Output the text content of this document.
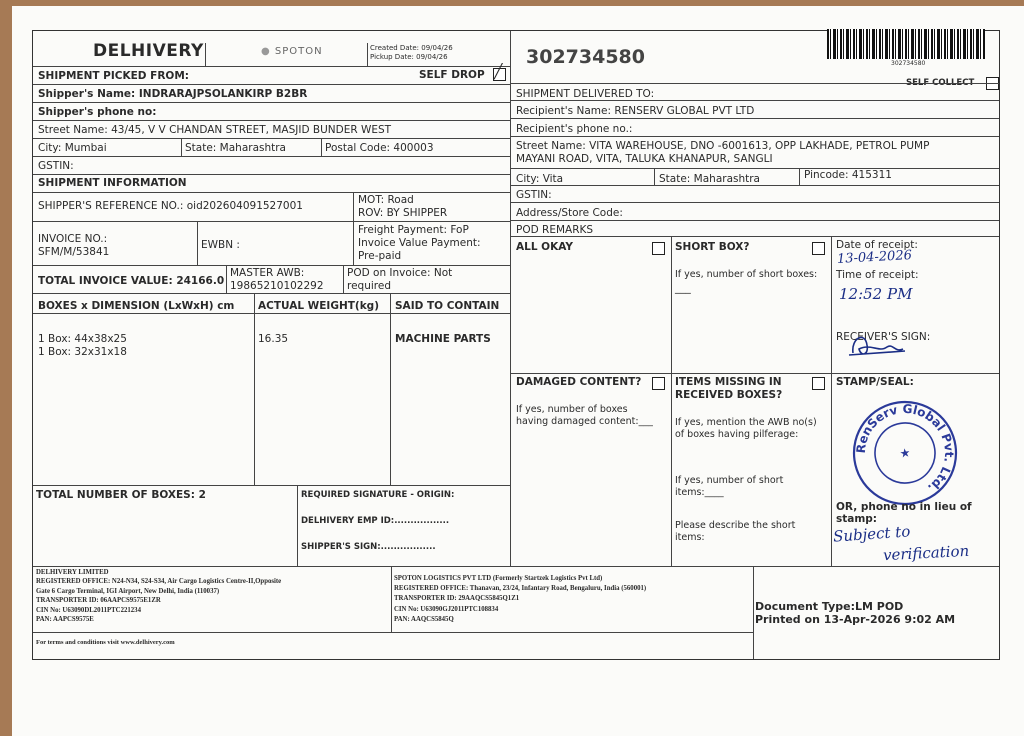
DELHIVERY	● SPOTON	Created Date: 09/04/26
Pickup Date: 09/04/26
SHIPMENT PICKED FROM:	SELF DROP ╱
Shipper's Name: INDRARAJPSOLANKIRP B2BR
Shipper's phone no:
Street Name: 43/45, V V CHANDAN STREET, MASJID BUNDER WEST
City: Mumbai	State: Maharashtra	Postal Code: 400003
GSTIN:
SHIPMENT INFORMATION
SHIPPER'S REFERENCE NO.: oid202604091527001	MOT: Road
ROV: BY SHIPPER
INVOICE NO.:
SFM/M/53841
EWBN :
Freight Payment: FoP
Invoice Value Payment:
Pre-paid
TOTAL INVOICE VALUE: 24166.0
MASTER AWB:
19865210102292
POD on Invoice: Not
required
BOXES x DIMENSION (LxWxH) cm ACTUAL WEIGHT(kg) SAID TO CONTAIN
1 Box: 44x38x25
1 Box: 32x31x18
16.35	MACHINE PARTS
TOTAL NUMBER OF BOXES: 2	REQUIRED SIGNATURE - ORIGIN:
DELHIVERY EMP ID:.................
SHIPPER'S SIGN:.................
302734580	302734580
SELF COLLECT
SHIPMENT DELIVERED TO:
Recipient's Name: RENSERV GLOBAL PVT LTD
Recipient's phone no.:
Street Name: VITA WAREHOUSE, DNO -6001613, OPP LAKHADE, PETROL PUMP
MAYANI ROAD, VITA, TALUKA KHANAPUR, SANGLI
City: Vita	State: Maharashtra	Pincode: 415311
GSTIN:
Address/Store Code:
POD REMARKS
ALL OKAY	SHORT BOX?
If yes, number of short boxes:
___
Date of receipt:
13-04-2026
Time of receipt:
12:52 PM
RECEIVER'S SIGN:
DAMAGED CONTENT?
If yes, number of boxes
having damaged content:___
ITEMS MISSING IN
RECEIVED BOXES?
If yes, mention the AWB no(s)
of boxes having pilferage:
If yes, number of short
items:____
Please describe the short
items:
STAMP/SEAL:
RenServ Global Pvt. Ltd.
★
OR, phone no in lieu of
stamp:
Subject to
verification
DELHIVERY LIMITED
REGISTERED OFFICE: N24-N34, S24-S34, Air Cargo Logistics Centre-II,Opposite
Gate 6 Cargo Terminal, IGI Airport, New Delhi, India (110037)
TRANSPORTER ID: 06AAPCS9575E1ZR
CIN No: U63090DL2011PTC221234
PAN: AAPCS9575E
SPOTON LOGISTICS PVT LTD (Formerly Startzek Logistics Pvt Ltd)
REGISTERED OFFICE: Thanavan, 23/24, Infantary Road, Bengaluru, India (560001)
TRANSPORTER ID: 29AAQCS5845Q1Z1
CIN No: U63090GJ2011PTC108834
PAN: AAQCS5845Q
For terms and conditions visit www.delhivery.com
Document Type:LM POD
Printed on 13-Apr-2026 9:02 AM
